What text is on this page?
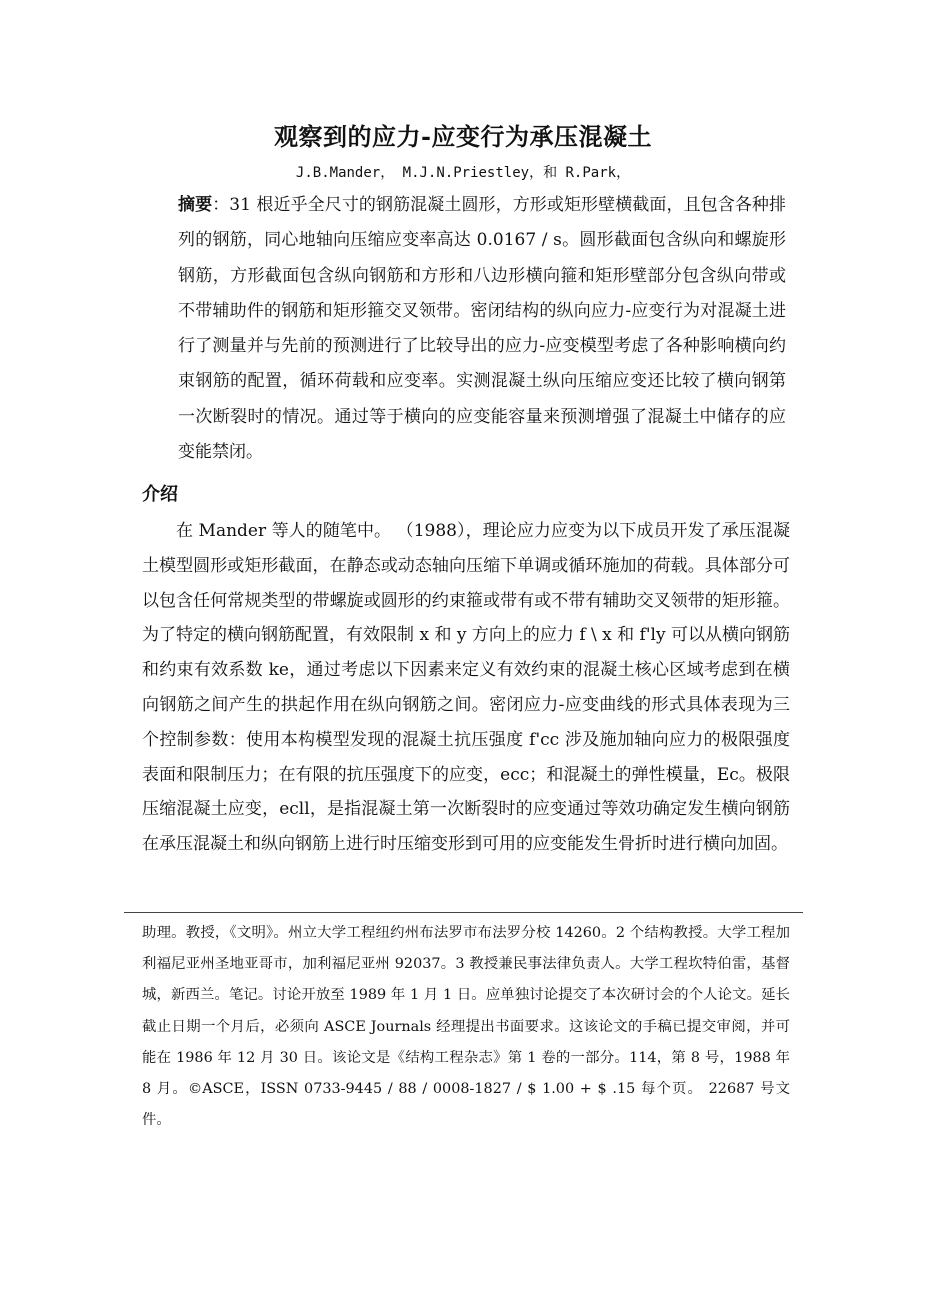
观察到的应力-应变行为承压混凝土
J.B.Mander， M.J.N.Priestley，和 R.Park，
摘要：31 根近乎全尺寸的钢筋混凝土圆形，方形或矩形壁横截面，且包含各种排列的钢筋，同心地轴向压缩应变率高达 0.0167 / s。圆形截面包含纵向和螺旋形钢筋，方形截面包含纵向钢筋和方形和八边形横向箍和矩形壁部分包含纵向带或不带辅助件的钢筋和矩形箍交叉领带。密闭结构的纵向应力-应变行为对混凝土进行了测量并与先前的预测进行了比较导出的应力-应变模型考虑了各种影响横向约束钢筋的配置，循环荷载和应变率。实测混凝土纵向压缩应变还比较了横向钢第一次断裂时的情况。通过等于横向的应变能容量来预测增强了混凝土中储存的应变能禁闭。
介绍
在 Mander 等人的随笔中。 （1988），理论应力应变为以下成员开发了承压混凝土模型圆形或矩形截面，在静态或动态轴向压缩下单调或循环施加的荷载。具体部分可以包含任何常规类型的带螺旋或圆形的约束箍或带有或不带有辅助交叉领带的矩形箍。为了特定的横向钢筋配置，有效限制 x 和 y 方向上的应力 f \ x 和 f'ly 可以从横向钢筋和约束有效系数 ke，通过考虑以下因素来定义有效约束的混凝土核心区域考虑到在横向钢筋之间产生的拱起作用在纵向钢筋之间。密闭应力-应变曲线的形式具体表现为三个控制参数：使用本构模型发现的混凝土抗压强度 f'cc 涉及施加轴向应力的极限强度表面和限制压力；在有限的抗压强度下的应变，ecc；和混凝土的弹性模量，Ec。极限压缩混凝土应变，ecll，是指混凝土第一次断裂时的应变通过等效功确定发生横向钢筋在承压混凝土和纵向钢筋上进行时压缩变形到可用的应变能发生骨折时进行横向加固。
助理。教授，《文明》。州立大学工程纽约州布法罗市布法罗分校 14260。2 个结构教授。大学工程加利福尼亚州圣地亚哥市，加利福尼亚州 92037。3 教授兼民事法律负责人。大学工程坎特伯雷，基督城，新西兰。笔记。讨论开放至 1989 年 1 月 1 日。应单独讨论提交了本次研讨会的个人论文。延长截止日期一个月后，必须向 ASCE Journals 经理提出书面要求。这该论文的手稿已提交审阅，并可能在 1986 年 12 月 30 日。该论文是《结构工程杂志》第 1 卷的一部分。114，第 8 号，1988 年 8 月。©ASCE，ISSN 0733-9445 / 88 / 0008-1827 / $ 1.00 + $ .15 每个页。 22687 号文件。
